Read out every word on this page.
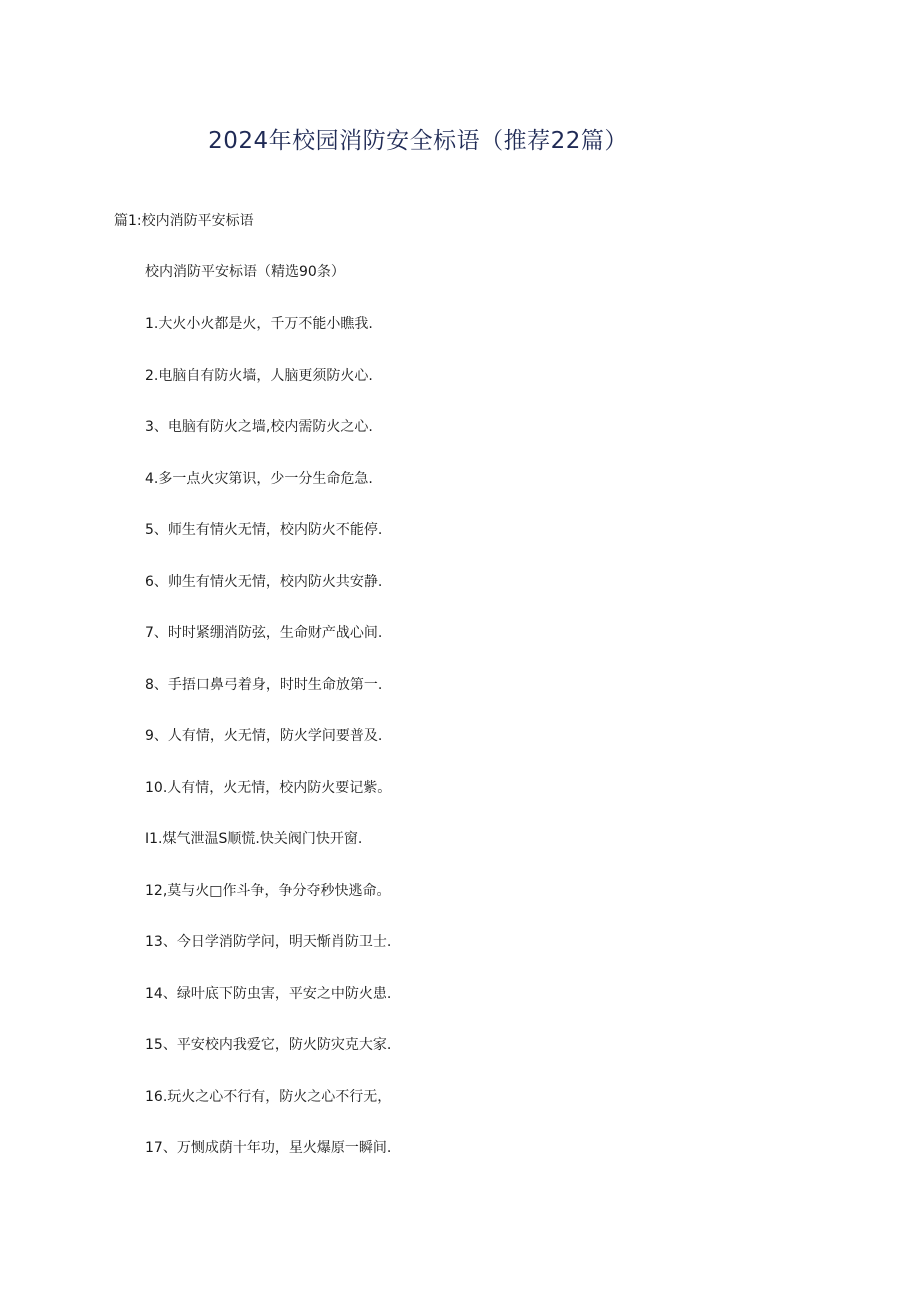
2024年校园消防安全标语（推荐22篇）
篇1:校内消防平安标语
校内消防平安标语（精选90条）
1.大火小火都是火，千万不能小瞧我.
2.电脑自有防火墙，人脑更须防火心.
3、电脑有防火之墙,校内需防火之心.
4.多一点火灾第识，少一分生命危急.
5、师生有情火无情，校内防火不能停.
6、帅生有情火无情，校内防火共安静.
7、时时紧绷消防弦，生命财产战心间.
8、手捂口鼻弓着身，时时生命放第一.
9、人有情，火无情，防火学问要普及.
10.人有情，火无情，校内防火要记紫。
I1.煤气泄温S顺慌.快关阀门快开窗.
12,莫与火□作斗争，争分夺秒快逃命。
13、今日学消防学问，明天惭肖防卫士.
14、绿叶底下防虫害，平安之中防火患.
15、平安校内我爱它，防火防灾克大家.
16.玩火之心不行有，防火之心不行无，
17、万恻成荫十年功，星火爆原一瞬间.
